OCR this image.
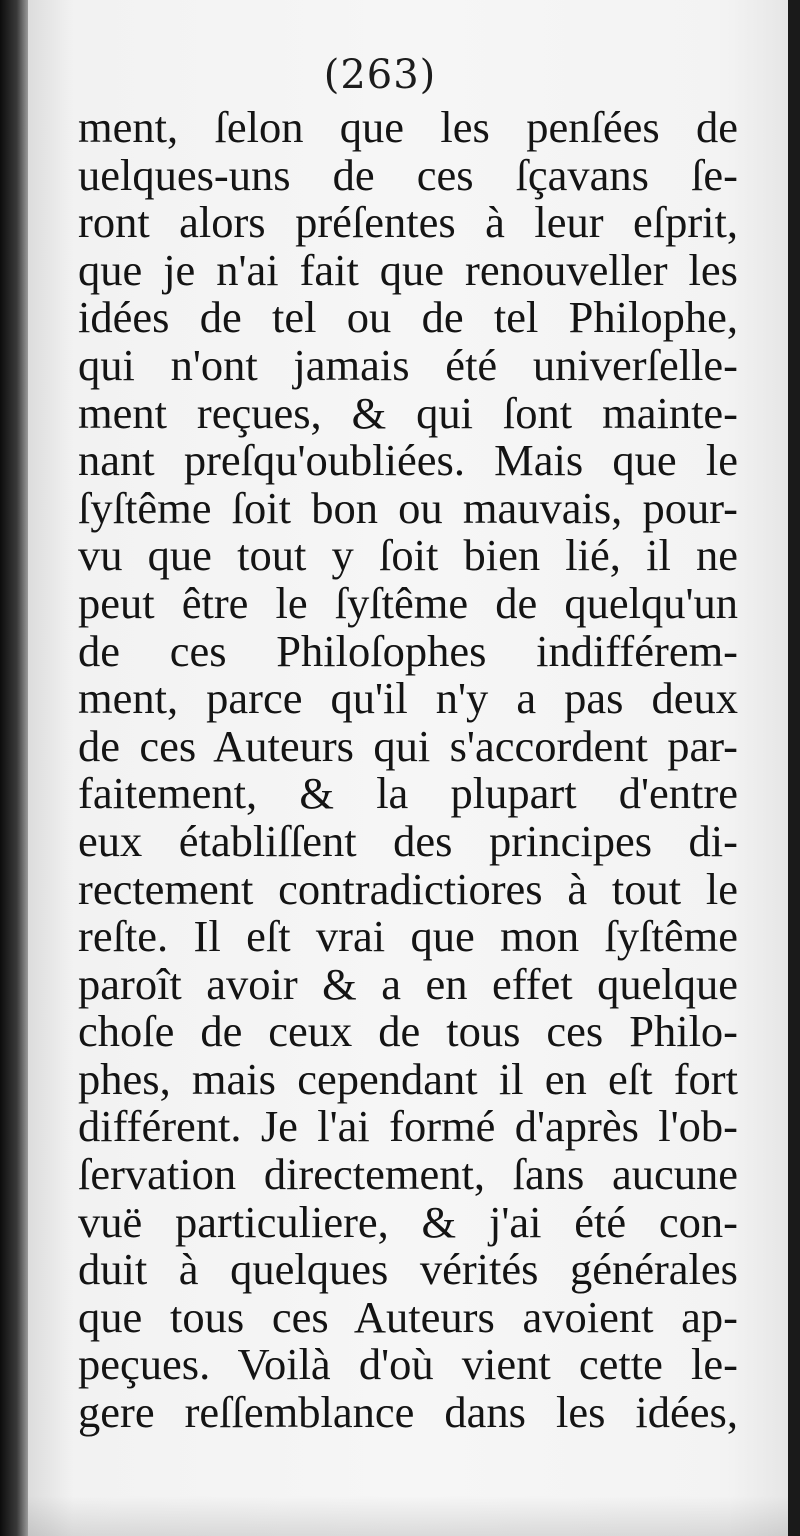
(263)
ment, ſelon que les penſées de
uelques-uns de ces ſçavans ſe-
ront alors préſentes à leur eſprit,
que je n'ai fait que renouveller les
idées de tel ou de tel Philophe,
qui n'ont jamais été univerſelle-
ment reçues, & qui ſont mainte-
nant preſqu'oubliées. Mais que le
ſyſtême ſoit bon ou mauvais, pour-
vu que tout y ſoit bien lié, il ne
peut être le ſyſtême de quelqu'un
de ces Philoſophes indifférem-
ment, parce qu'il n'y a pas deux
de ces Auteurs qui s'accordent par-
faitement, & la plupart d'entre
eux établiſſent des principes di-
rectement contradictiores à tout le
reſte. Il eſt vrai que mon ſyſtême
paroît avoir & a en effet quelque
choſe de ceux de tous ces Philo-
phes, mais cependant il en eſt fort
différent. Je l'ai formé d'après l'ob-
ſervation directement, ſans aucune
vuë particuliere, & j'ai été con-
duit à quelques vérités générales
que tous ces Auteurs avoient ap-
peçues. Voilà d'où vient cette le-
gere reſſemblance dans les idées,
